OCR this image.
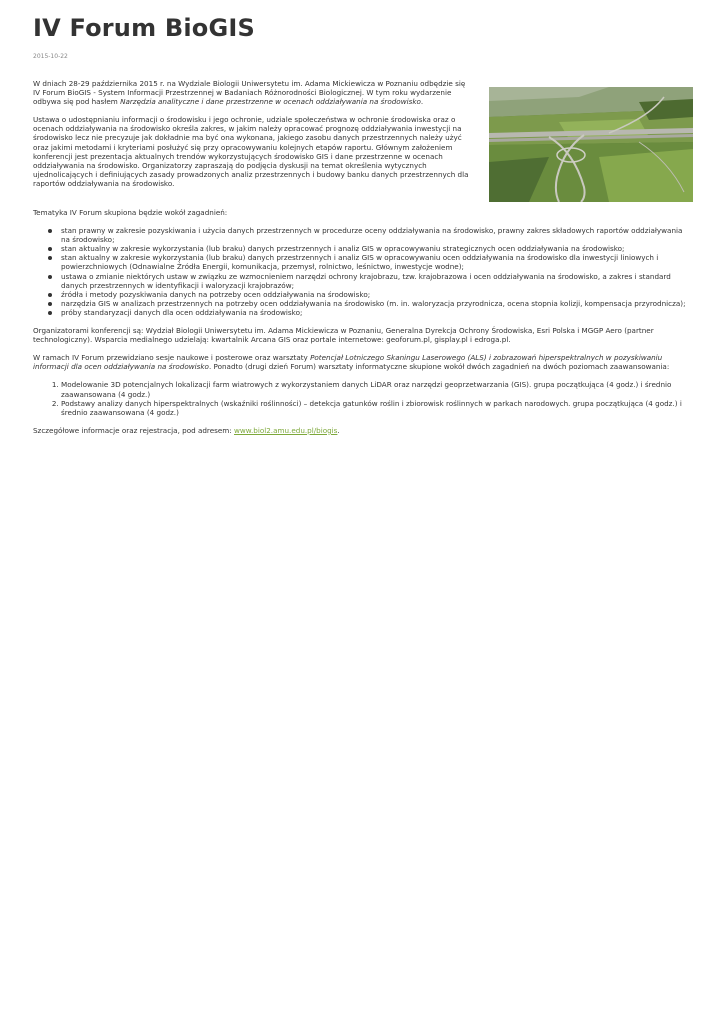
IV Forum BioGIS
2015-10-22

W dniach 28-29 października 2015 r. na Wydziale Biologii Uniwersytetu im. Adama Mickiewicza w Poznaniu odbędzie się IV Forum BioGIS - System Informacji Przestrzennej w Badaniach Różnorodności Biologicznej. W tym roku wydarzenie odbywa się pod hasłem Narzędzia analityczne i dane przestrzenne w ocenach oddziaływania na środowisko.

Ustawa o udostępnianiu informacji o środowisku i jego ochronie, udziale społeczeństwa w ochronie środowiska oraz o ocenach oddziaływania na środowisko określa zakres, w jakim należy opracować prognozę oddziaływania inwestycji na środowisko lecz nie precyzuje jak dokładnie ma być ona wykonana, jakiego zasobu danych przestrzennych należy użyć oraz jakimi metodami i kryteriami posłużyć się przy opracowywaniu kolejnych etapów raportu. Głównym założeniem konferencji jest prezentacja aktualnych trendów wykorzystujących środowisko GIS i dane przestrzenne w ocenach oddziaływania na środowisko. Organizatorzy zapraszają do podjęcia dyskusji na temat określenia wytycznych ujednolicających i definiujących zasady prowadzonych analiz przestrzennych i budowy banku danych przestrzennych dla raportów oddziaływania na środowisko.

Tematyka IV Forum skupiona będzie wokół zagadnień:

stan prawny w zakresie pozyskiwania i użycia danych przestrzennych w procedurze oceny oddziaływania na środowisko, prawny zakres składowych raportów oddziaływania na środowisko;
stan aktualny w zakresie wykorzystania (lub braku) danych przestrzennych i analiz GIS w opracowywaniu strategicznych ocen oddziaływania na środowisko;
stan aktualny w zakresie wykorzystania (lub braku) danych przestrzennych i analiz GIS w opracowywaniu ocen oddziaływania na środowisko dla inwestycji liniowych i powierzchniowych (Odnawialne Źródła Energii, komunikacja, przemysł, rolnictwo, leśnictwo, inwestycje wodne);
ustawa o zmianie niektórych ustaw w związku ze wzmocnieniem narzędzi ochrony krajobrazu, tzw. krajobrazowa i ocen oddziaływania na środowisko, a zakres i standard danych przestrzennych w identyfikacji i waloryzacji krajobrazów;
źródła i metody pozyskiwania danych na potrzeby ocen oddziaływania na środowisko;
narzędzia GIS w analizach przestrzennych na potrzeby ocen oddziaływania na środowisko (m. in. waloryzacja przyrodnicza, ocena stopnia kolizji, kompensacja przyrodnicza);
próby standaryzacji danych dla ocen oddziaływania na środowisko;

Organizatorami konferencji są: Wydział Biologii Uniwersytetu im. Adama Mickiewicza w Poznaniu, Generalna Dyrekcja Ochrony Środowiska, Esri Polska i MGGP Aero (partner technologiczny). Wsparcia medialnego udzielają: kwartalnik Arcana GIS oraz portale internetowe: geoforum.pl, gisplay.pl i edroga.pl.

W ramach IV Forum przewidziano sesje naukowe i posterowe oraz warsztaty Potencjał Lotniczego Skaningu Laserowego (ALS) i zobrazowań hiperspektralnych w pozyskiwaniu informacji dla ocen oddziaływania na środowisko. Ponadto (drugi dzień Forum) warsztaty informatyczne skupione wokół dwóch zagadnień na dwóch poziomach zaawansowania:

1. Modelowanie 3D potencjalnych lokalizacji farm wiatrowych z wykorzystaniem danych LiDAR oraz narzędzi geoprzetwarzania (GIS). grupa początkująca (4 godz.) i średnio zaawansowana (4 godz.)
2. Podstawy analizy danych hiperspektralnych (wskaźniki roślinności) – detekcja gatunków roślin i zbiorowisk roślinnych w parkach narodowych. grupa początkująca (4 godz.) i średnio zaawansowana (4 godz.)

Szczegółowe informacje oraz rejestracja, pod adresem: www.biol2.amu.edu.pl/biogis.
